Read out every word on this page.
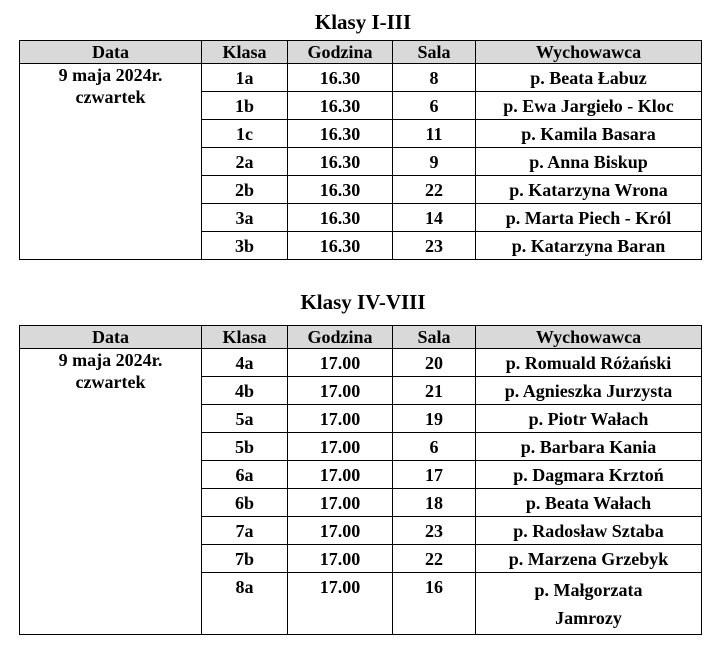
Klasy I-III
Data	Klasa	Godzina	Sala	Wychowawca

9 maja 2024r.
czwartek	1a	16.30	8	p. Beata Łabuz
	1b	16.30	6	p. Ewa Jargieło - Kloc
	1c	16.30	11	p. Kamila Basara
	2a	16.30	9	p. Anna Biskup
	2b	16.30	22	p. Katarzyna Wrona
	3a	16.30	14	p. Marta Piech - Król
	3b	16.30	23	p. Katarzyna Baran
Klasy IV-VIII
Data	Klasa	Godzina	Sala	Wychowawca

9 maja 2024r.
czwartek	4a	17.00	20	p. Romuald Różański
	4b	17.00	21	p. Agnieszka Jurzysta
	5a	17.00	19	p. Piotr Wałach
	5b	17.00	6	p. Barbara Kania
	6a	17.00	17	p. Dagmara Krztoń
	6b	17.00	18	p. Beata Wałach
	7a	17.00	23	p. Radosław Sztaba
	7b	17.00	22	p. Marzena Grzebyk
	8a	17.00	16	p. Małgorzata
Jamrozy
